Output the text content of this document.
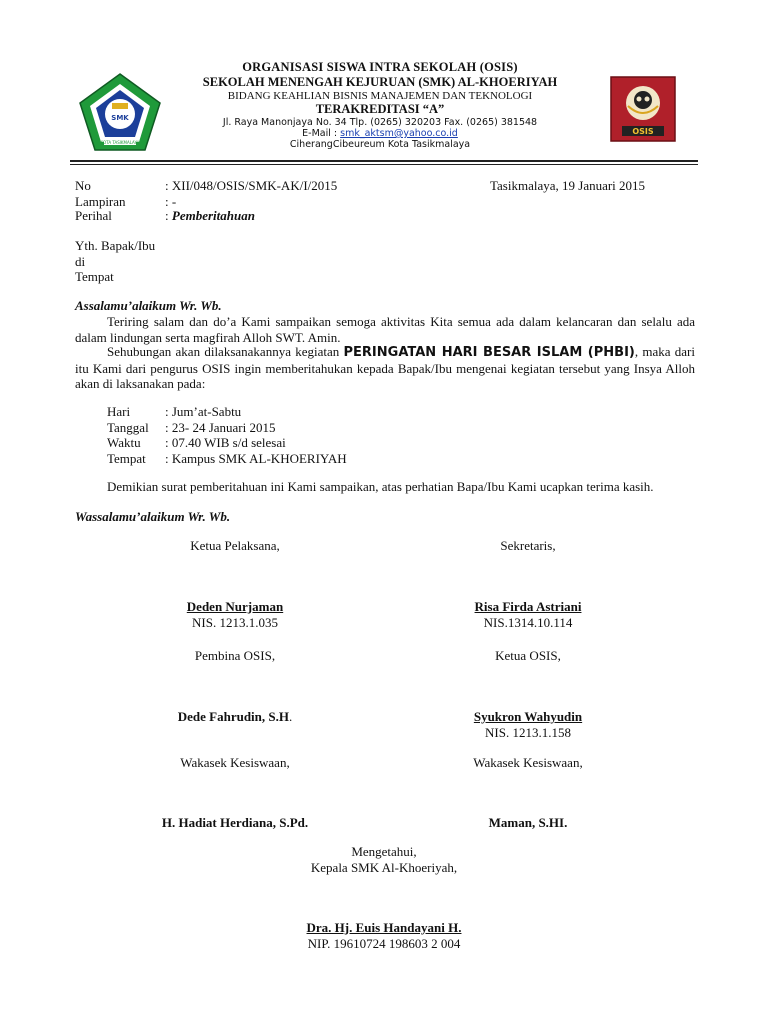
SMK
KOTA TASIKMALAYA
OSIS
ORGANISASI SISWA INTRA SEKOLAH (OSIS)
SEKOLAH MENENGAH KEJURUAN (SMK) AL-KHOERIYAH
BIDANG KEAHLIAN BISNIS MANAJEMEN DAN TEKNOLOGI
TERAKREDITASI “A”
Jl. Raya Manonjaya No. 34 Tlp. (0265) 320203 Fax. (0265) 381548
E-Mail : smk_aktsm@yahoo.co.id
CiherangCibeureum Kota Tasikmalaya
No	: XII/048/OSIS/SMK-AK/I/2015	Tasikmalaya, 19 Januari 2015
Lampiran	: -
Perihal	: Pemberitahuan
Yth. Bapak/Ibu
di
Tempat
Assalamu’alaikum Wr. Wb.
Teriring salam dan do’a Kami sampaikan semoga aktivitas Kita semua ada dalam kelancaran dan selalu ada dalam lindungan serta magfirah Alloh SWT. Amin.
Sehubungan akan dilaksanakannya kegiatan PERINGATAN HARI BESAR ISLAM (PHBI), maka dari itu Kami dari pengurus OSIS ingin memberitahukan kepada Bapak/Ibu mengenai kegiatan tersebut yang Insya Alloh akan di laksanakan pada:
Hari	: Jum’at-Sabtu
Tanggal	: 23- 24 Januari 2015
Waktu	: 07.40 WIB s/d selesai
Tempat	: Kampus SMK AL-KHOERIYAH
Demikian surat pemberitahuan ini Kami sampaikan, atas perhatian Bapa/Ibu Kami ucapkan terima kasih.
Wassalamu’alaikum Wr. Wb.
Ketua Pelaksana,
Deden Nurjaman
NIS. 1213.1.035
Sekretaris,
Risa Firda Astriani
NIS.1314.10.114
Pembina OSIS,
Dede Fahrudin, S.H.
Ketua OSIS,
Syukron Wahyudin
NIS. 1213.1.158
Wakasek Kesiswaan,
H. Hadiat Herdiana, S.Pd.
Wakasek Kesiswaan,
Maman, S.HI.
Mengetahui,
Kepala SMK Al-Khoeriyah,
Dra. Hj. Euis Handayani H.
NIP. 19610724 198603 2 004
